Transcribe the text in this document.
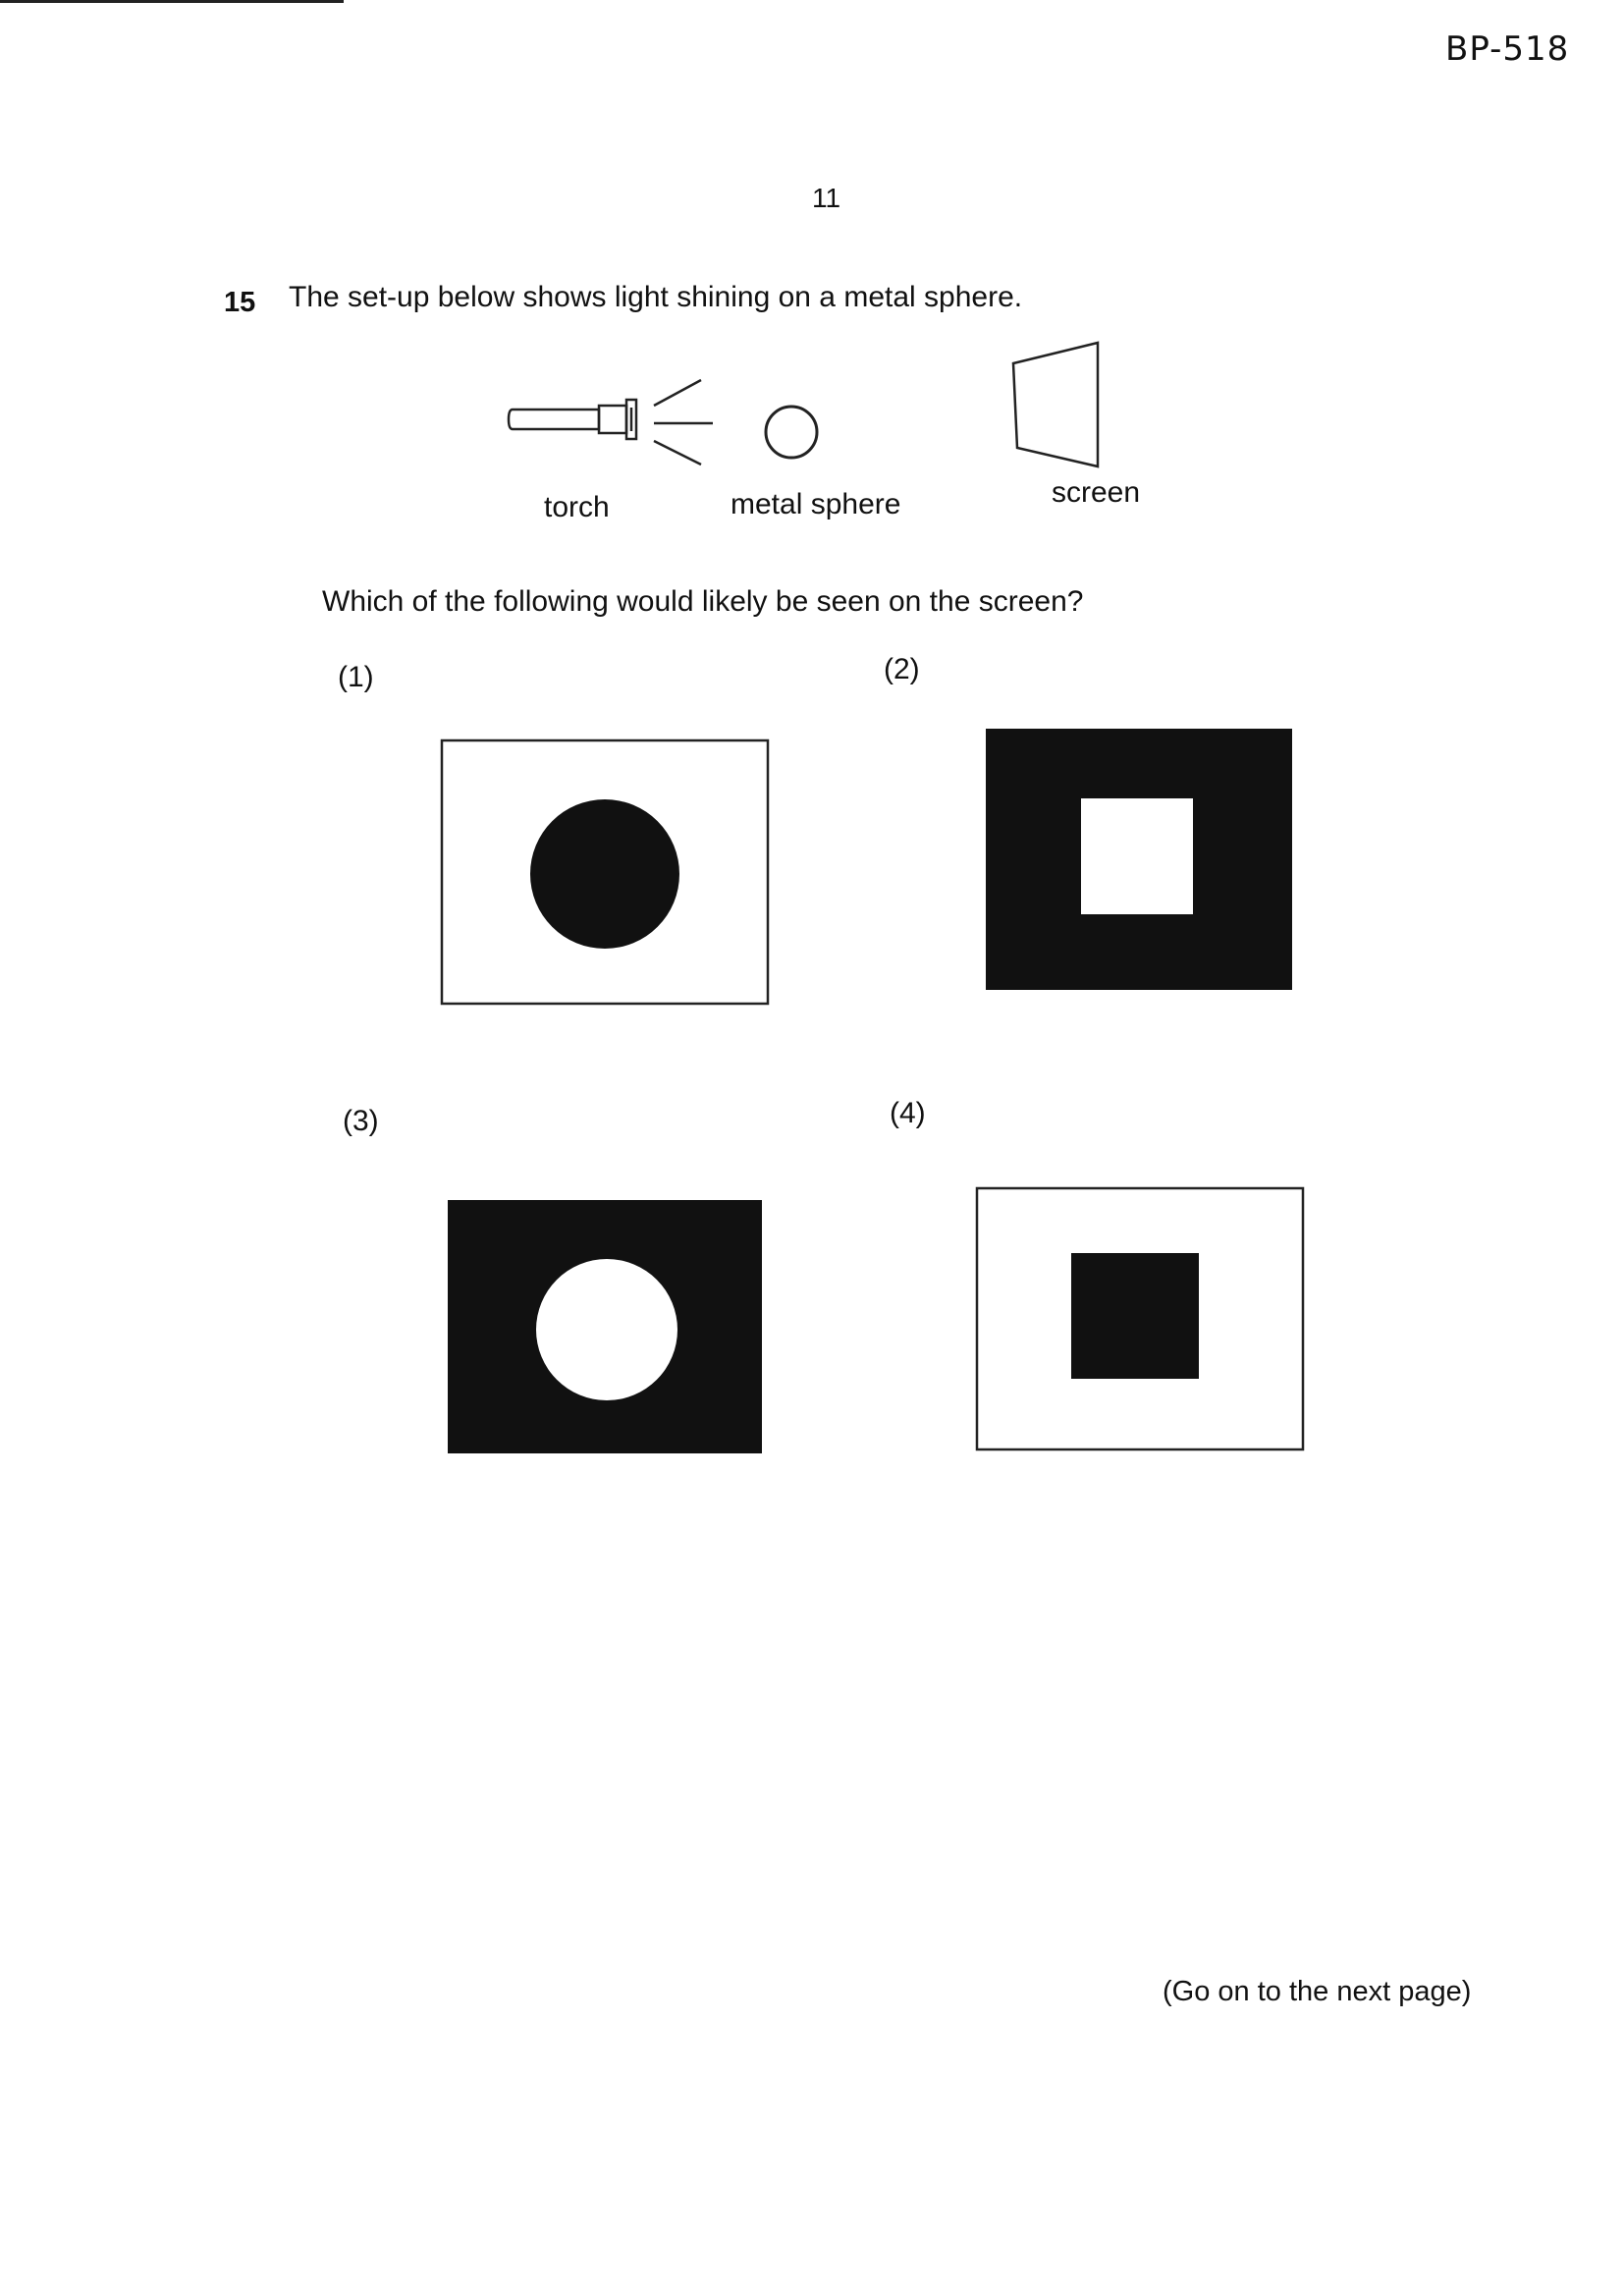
BP-518
11
15 The set-up below shows light shining on a metal sphere.
torch	metal sphere	screen
Which of the following would likely be seen on the screen?
(1)	(2)
(3)	(4)
(Go on to the next page)
